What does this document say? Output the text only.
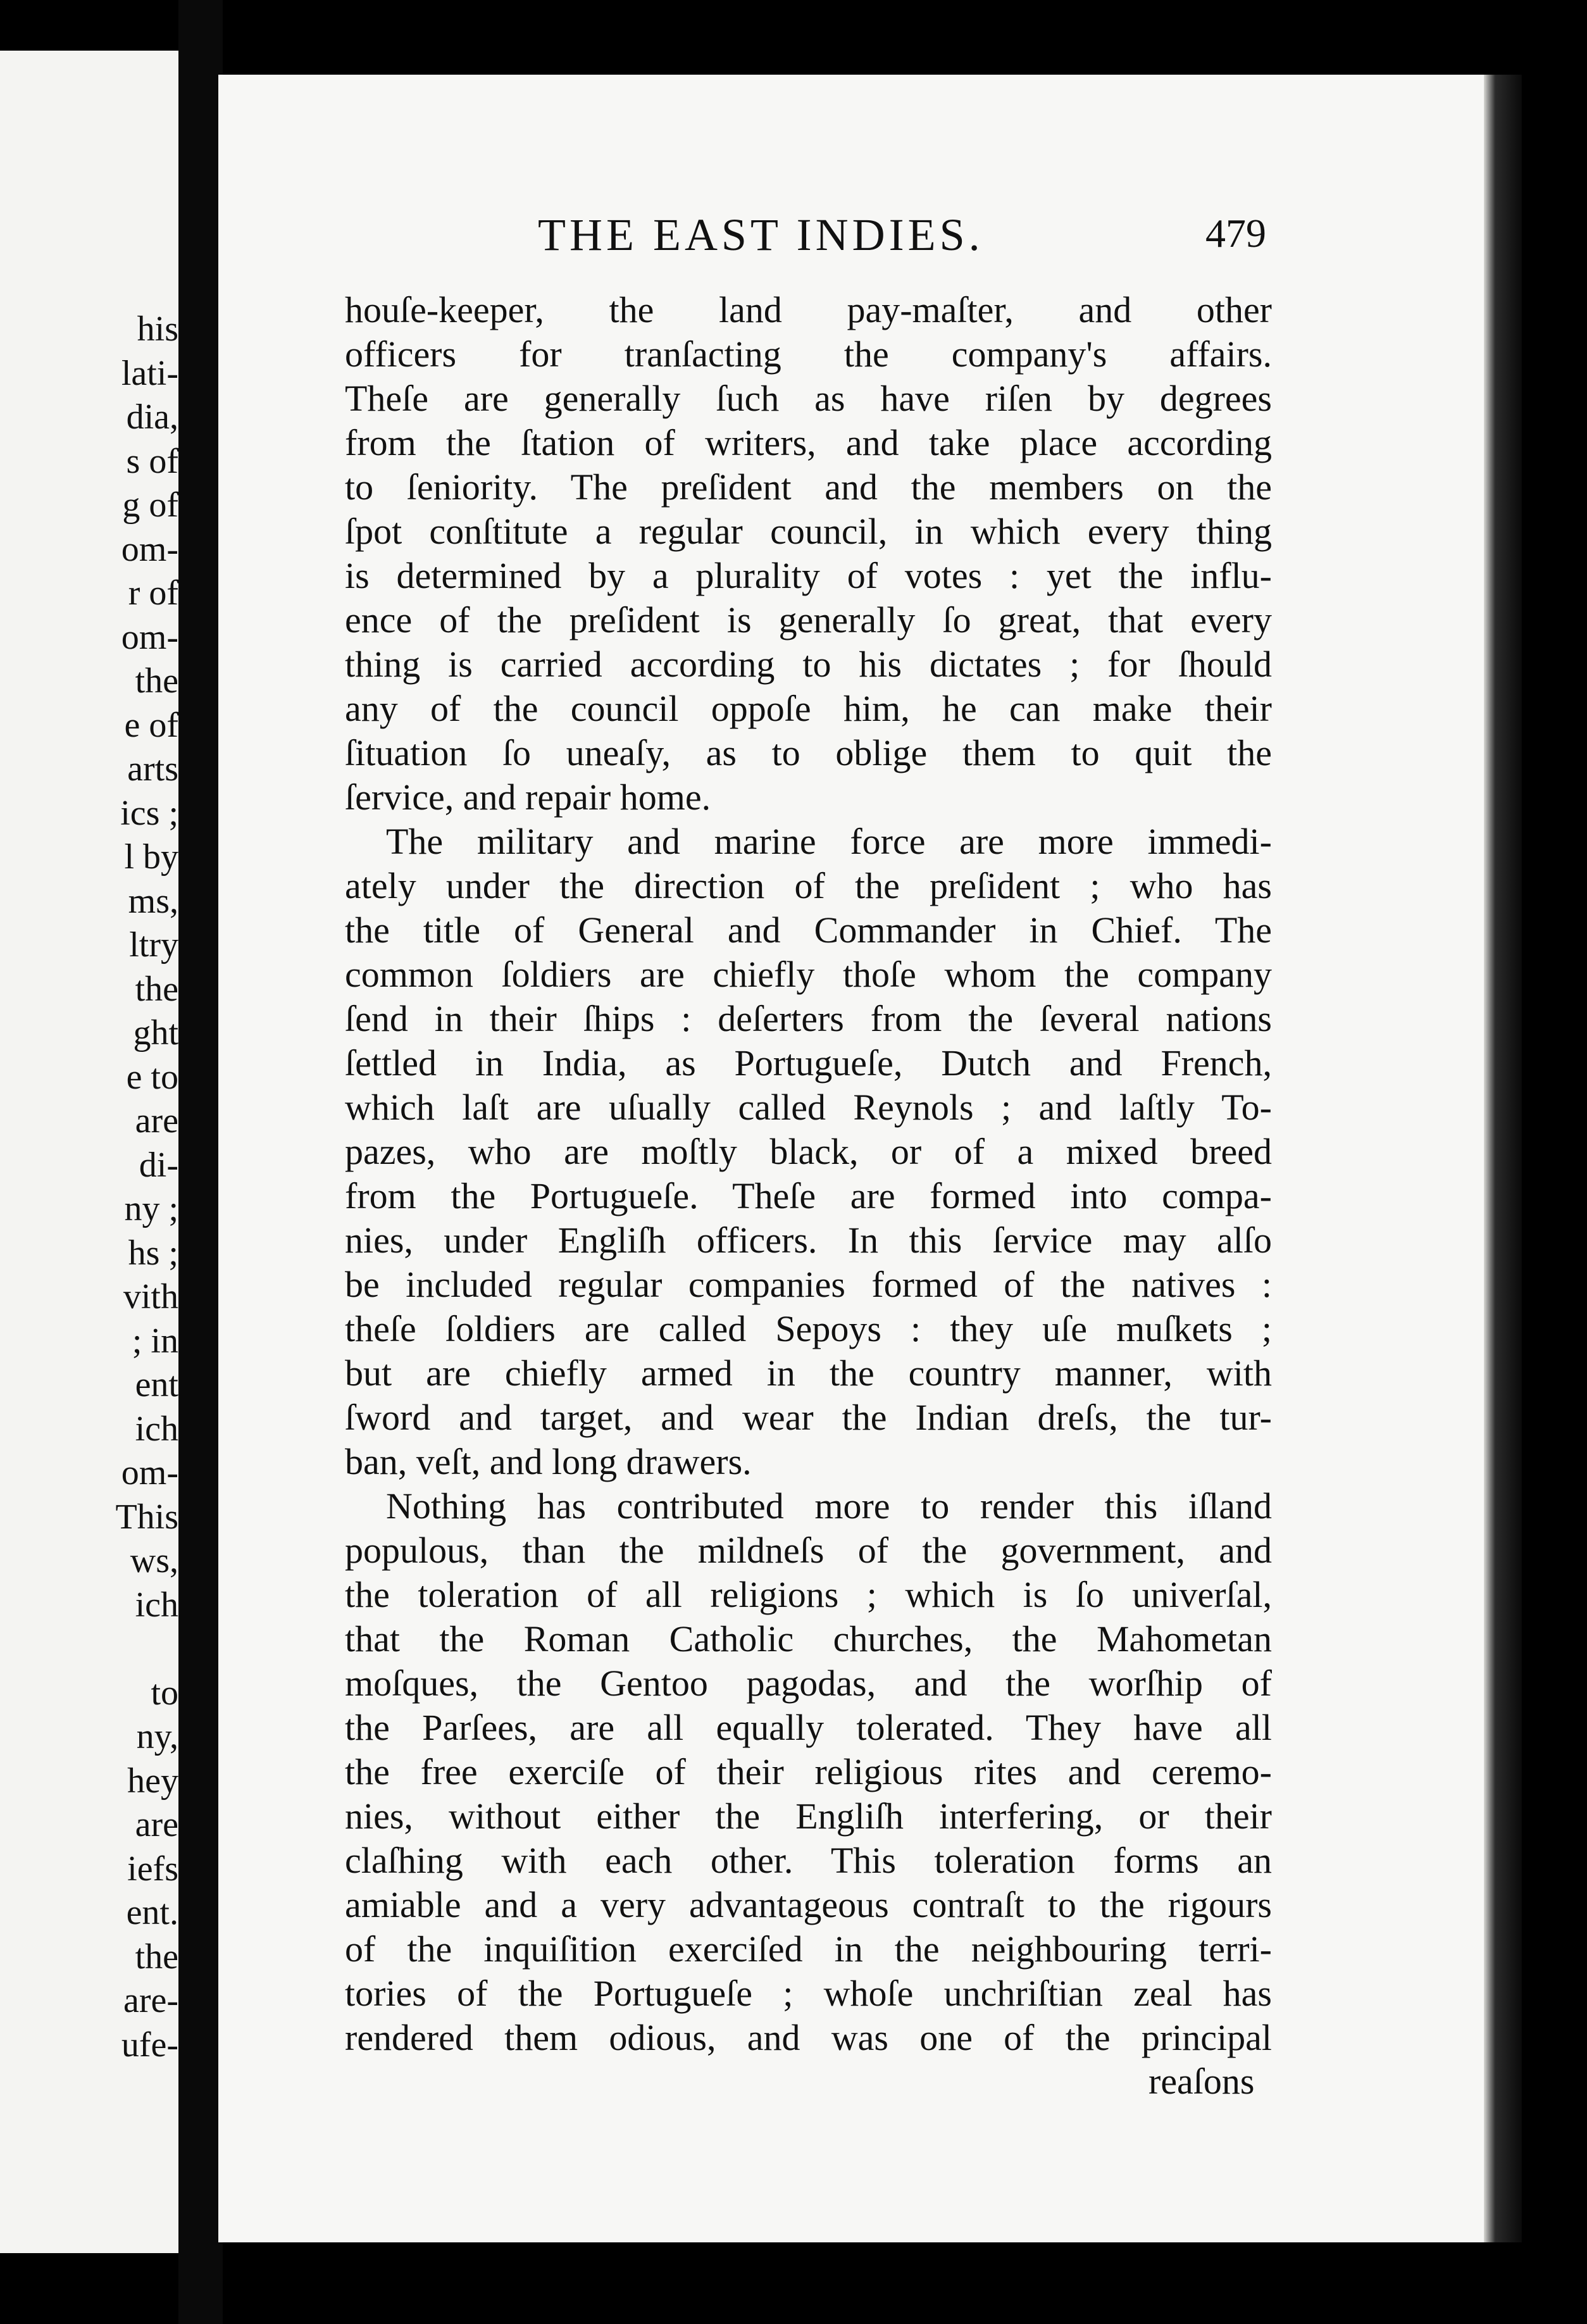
his
lati-
dia,
s of
g of
om-
r of
om-
the
e of
arts
ics ;
l by
ms,
ltry
the
ght
e to
are
di-
ny ;
hs ;
vith
; in
ent
ich
om-
This
ws,
ich
to
ny,
hey
are
iefs
ent.
the
are-
ufe-
THE EAST INDIES.	479
houſe-keeper, the land pay-maſter, and other
officers for tranſacting the company's affairs.
Theſe are generally ſuch as have riſen by degrees
from the ſtation of writers, and take place according
to ſeniority. The preſident and the members on the
ſpot conſtitute a regular council, in which every thing
is determined by a plurality of votes : yet the influ-
ence of the preſident is generally ſo great, that every
thing is carried according to his dictates ; for ſhould
any of the council oppoſe him, he can make their
ſituation ſo uneaſy, as to oblige them to quit the
ſervice, and repair home.
The military and marine force are more immedi-
ately under the direction of the preſident ; who has
the title of General and Commander in Chief. The
common ſoldiers are chiefly thoſe whom the company
ſend in their ſhips : deſerters from the ſeveral nations
ſettled in India, as Portugueſe, Dutch and French,
which laſt are uſually called Reynols ; and laſtly To-
pazes, who are moſtly black, or of a mixed breed
from the Portugueſe. Theſe are formed into compa-
nies, under Engliſh officers. In this ſervice may alſo
be included regular companies formed of the natives :
theſe ſoldiers are called Sepoys : they uſe muſkets ;
but are chiefly armed in the country manner, with
ſword and target, and wear the Indian dreſs, the tur-
ban, veſt, and long drawers.
Nothing has contributed more to render this iſland
populous, than the mildneſs of the government, and
the toleration of all religions ; which is ſo univerſal,
that the Roman Catholic churches, the Mahometan
moſques, the Gentoo pagodas, and the worſhip of
the Parſees, are all equally tolerated. They have all
the free exerciſe of their religious rites and ceremo-
nies, without either the Engliſh interfering, or their
claſhing with each other. This toleration forms an
amiable and a very advantageous contraſt to the rigours
of the inquiſition exerciſed in the neighbouring terri-
tories of the Portugueſe ; whoſe unchriſtian zeal has
rendered them odious, and was one of the principal
reaſons
